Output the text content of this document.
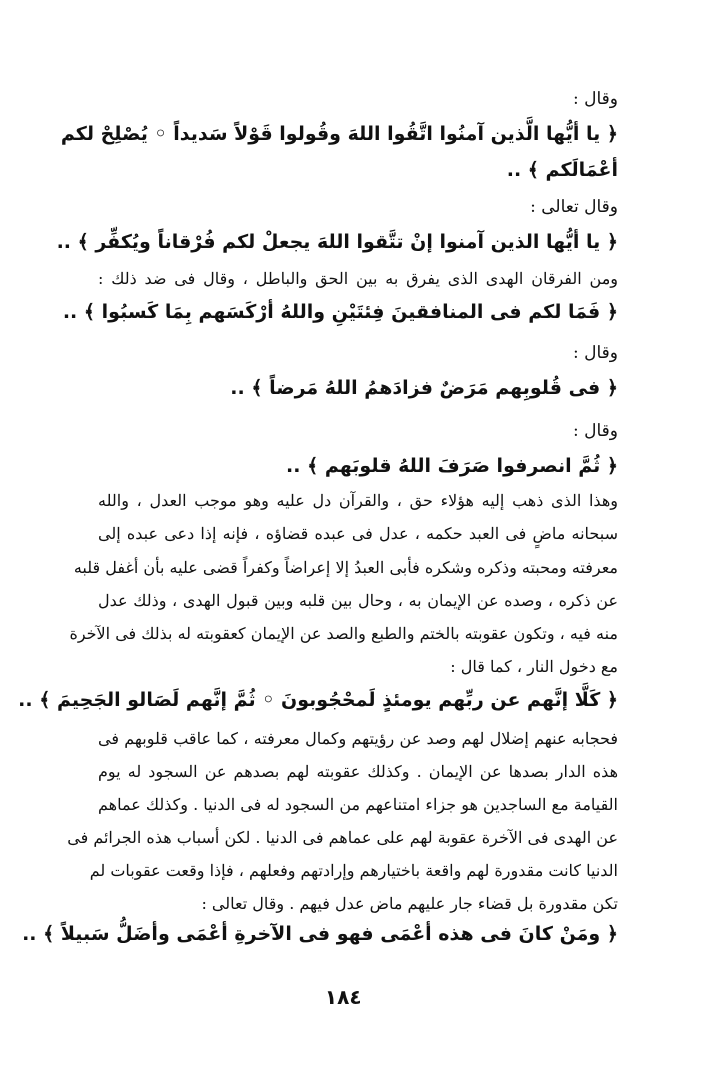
وقال :
﴿ يا أيُّها الَّذين آمنُوا اتَّقُوا اللهَ وقُولوا قَوْلاً سَديداً ◦ يُصْلِحْ لكم
أعْمَالَكم ﴾ ..
وقال تعالى :
﴿ يا أيُّها الذين آمنوا إنْ تتَّقوا اللهَ يجعلْ لكم فُرْقاناً ويُكفِّر ﴾ ..
ومن الفرقان الهدى الذى يفرق به بين الحق والباطل ، وقال فى ضد ذلك :
﴿ فَمَا لكم فى المنافقينَ فِئتَيْنِ واللهُ أرْكَسَهم بِمَا كَسبُوا ﴾ ..
وقال :
﴿ فى قُلوبِهم مَرَضٌ فزادَهمُ اللهُ مَرضاً ﴾ ..
وقال :
﴿ ثُمَّ انصرفوا صَرَفَ اللهُ قلوبَهم ﴾ ..
وهذا الذى ذهب إليه هؤلاء حق ، والقرآن دل عليه وهو موجب العدل ، والله
سبحانه ماضٍ فى العبد حكمه ، عدل فى عبده قضاؤه ، فإنه إذا دعى عبده إلى
معرفته ومحبته وذكره وشكره فأبى العبدُ إلا إعراضاً وكفراً قضى عليه بأن أغفل قلبه
عن ذكره ، وصده عن الإيمان به ، وحال بين قلبه وبين قبول الهدى ، وذلك عدل
منه فيه ، وتكون عقوبته بالختم والطبع والصد عن الإيمان كعقوبته له بذلك فى الآخرة
مع دخول النار ، كما قال :
﴿ كَلَّا إنَّهم عن ربِّهم يومئذٍ لَمحْجُوبونَ ◦ ثُمَّ إنَّهم لَصَالو الجَحِيمَ ﴾ ..
فحجابه عنهم إضلال لهم وصد عن رؤيتهم وكمال معرفته ، كما عاقب قلوبهم فى
هذه الدار بصدها عن الإيمان . وكذلك عقوبته لهم بصدهم عن السجود له يوم
القيامة مع الساجدين هو جزاء امتناعهم من السجود له فى الدنيا . وكذلك عماهم
عن الهدى فى الآخرة عقوبة لهم على عماهم فى الدنيا . لكن أسباب هذه الجرائم فى
الدنيا كانت مقدورة لهم واقعة باختيارهم وإرادتهم وفعلهم ، فإذا وقعت عقوبات لم
تكن مقدورة بل قضاء جار عليهم ماض عدل فيهم . وقال تعالى :
﴿ ومَنْ كانَ فى هذه أعْمَى فهو فى الآخرةِ أعْمَى وأضَلُّ سَبيلاً ﴾ ..
١٨٤
